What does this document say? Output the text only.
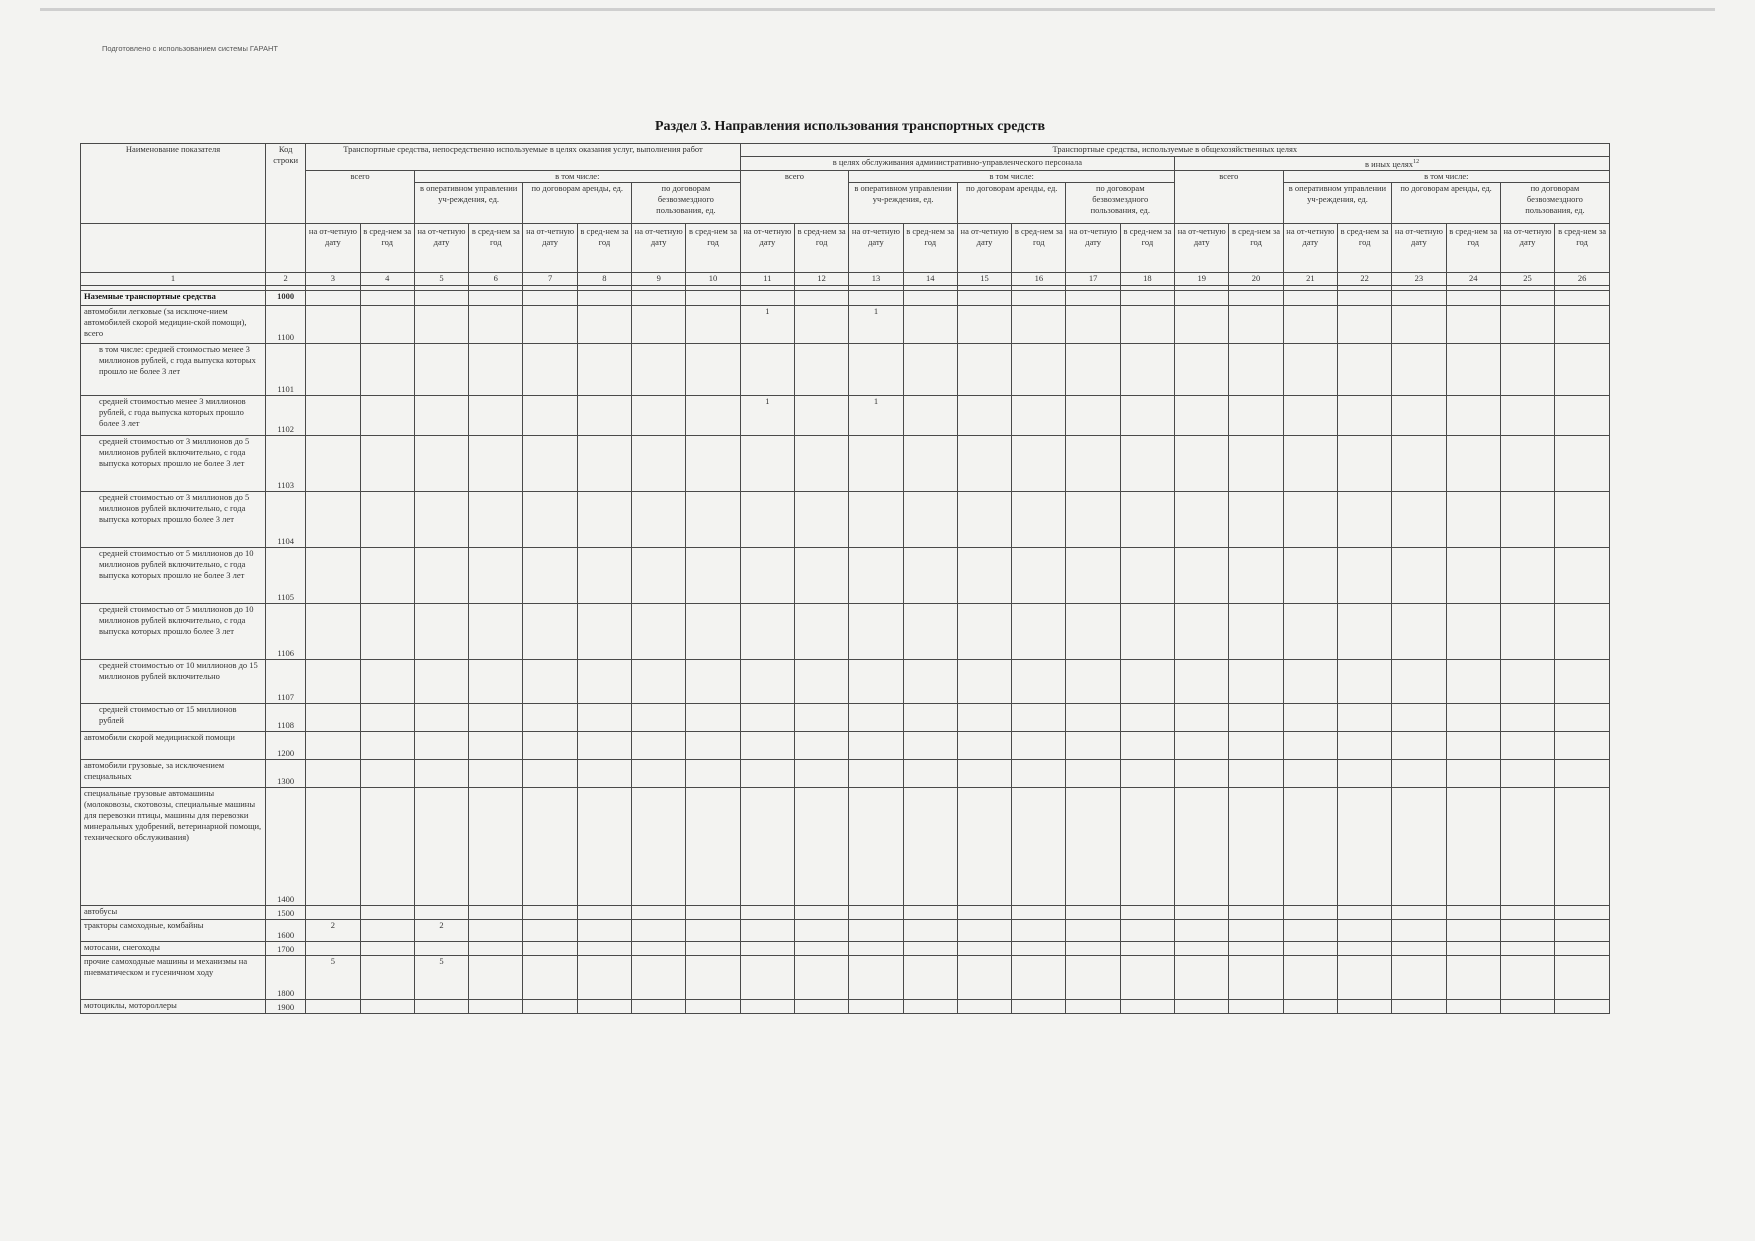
Подготовлено с использованием системы ГАРАНТ
Раздел 3. Направления использования транспортных средств
Наименование показателя	Код строки	Транспортные средства, непосредственно используемые в целях оказания услуг, выполнения работ								Транспортные средства, используемые в общехозяйственных целях															
										в целях обслуживания административно-управленческого персонала								в иных целях$^{12}$
		всего		в том числе:						всего		в том числе:						всего		в том числе:					
				в оперативном управлении уч-реждения, ед.		по договорам аренды, ед.		по договорам безвозмездного пользования, ед.				в оперативном управлении уч-реждения, ед.		по договорам аренды, ед.		по договорам безвозмездного пользования, ед.				в оперативном управлении уч-реждения, ед.		по договорам аренды, ед.		по договорам безвозмездного пользования, ед.	
		на от-четную дату	в сред-нем за год	на от-четную дату	в сред-нем за год	на от-четную дату	в сред-нем за год	на от-четную дату	в сред-нем за год	на от-четную дату	в сред-нем за год	на от-четную дату	в сред-нем за год	на от-четную дату	в сред-нем за год	на от-четную дату	в сред-нем за год	на от-четную дату	в сред-нем за год	на от-четную дату	в сред-нем за год	на от-четную дату	в сред-нем за год	на от-четную дату	в сред-нем за год
1	2	3	4	5	6	7	8	9	10	11	12	13	14	15	16	17	18	19	20	21	22	23	24	25	26

Наземные транспортные средства	1000																								
автомобили легковые (за исключе-нием автомобилей скорой медицин-ской помощи), всего	1100									1		1													
в том числе: средней стоимостью менее 3 миллионов рублей, с года выпуска которых прошло не более 3 лет	1101																								
средней стоимостью менее 3 миллионов рублей, с года выпуска которых прошло более 3 лет	1102									1		1													
средней стоимостью от 3 миллионов до 5 миллионов рублей включительно, с года выпуска которых прошло не более 3 лет	1103																								
средней стоимостью от 3 миллионов до 5 миллионов рублей включительно, с года выпуска которых прошло более 3 лет	1104																								
средней стоимостью от 5 миллионов до 10 миллионов рублей включительно, с года выпуска которых прошло не более 3 лет	1105																								
средней стоимостью от 5 миллионов до 10 миллионов рублей включительно, с года выпуска которых прошло более 3 лет	1106																								
средней стоимостью от 10 миллионов до 15 миллионов рублей включительно	1107																								
средней стоимостью от 15 миллионов рублей	1108																								
автомобили скорой медицинской помощи	1200																								
автомобили грузовые, за исключением специальных	1300																								
специальные грузовые автомашины (молоковозы, скотовозы, специальные машины для перевозки птицы, машины для перевозки минеральных удобрений, ветеринарной помощи, технического обслуживания)	1400																								
автобусы	1500																								
тракторы самоходные, комбайны	1600	2		2																					
мотосани, снегоходы	1700																								
прочие самоходные машины и механизмы на пневматическом и гусеничном ходу	1800	5		5																					
мотоциклы, мотороллеры	1900																								
